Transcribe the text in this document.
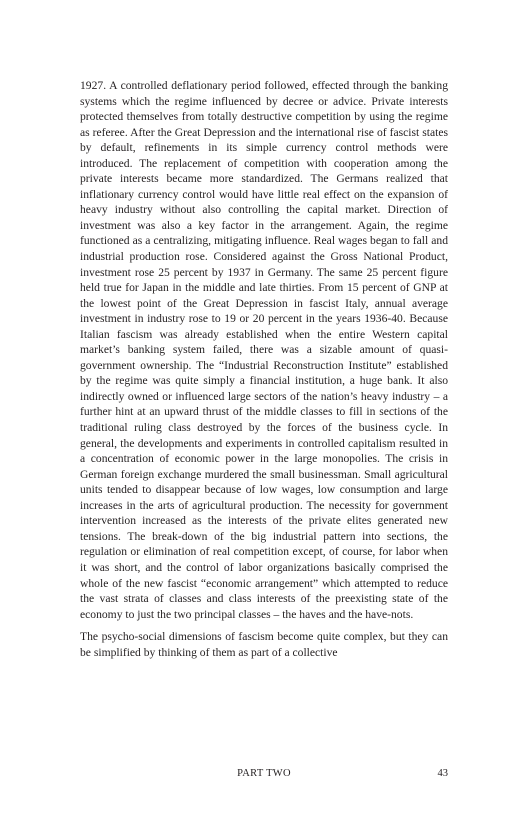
1927. A controlled deflationary period followed, effected through the banking systems which the regime influenced by decree or advice. Private interests protected themselves from totally destructive competition by using the regime as referee. After the Great Depression and the international rise of fascist states by default, refinements in its simple currency control methods were introduced. The replacement of competition with cooperation among the private interests became more standardized. The Germans realized that inflationary currency control would have little real effect on the expansion of heavy industry without also controlling the capital market. Direction of investment was also a key factor in the arrangement. Again, the regime functioned as a centralizing, mitigating influence. Real wages began to fall and industrial production rose. Considered against the Gross National Product, investment rose 25 percent by 1937 in Germany. The same 25 percent figure held true for Japan in the middle and late thirties. From 15 percent of GNP at the lowest point of the Great Depression in fascist Italy, annual average investment in industry rose to 19 or 20 percent in the years 1936-40. Because Italian fascism was already established when the entire Western capital market’s banking system failed, there was a sizable amount of quasi-government ownership. The “Industrial Reconstruction Institute” established by the regime was quite simply a financial institution, a huge bank. It also indirectly owned or influenced large sectors of the nation’s heavy industry – a further hint at an upward thrust of the middle classes to fill in sections of the traditional ruling class destroyed by the forces of the business cycle. In general, the developments and experiments in controlled capitalism resulted in a concentration of economic power in the large monopolies. The crisis in German foreign exchange murdered the small businessman. Small agricultural units tended to disappear because of low wages, low consumption and large increases in the arts of agricultural production. The necessity for government intervention increased as the interests of the private elites generated new tensions. The break-down of the big industrial pattern into sections, the regulation or elimination of real competition except, of course, for labor when it was short, and the control of labor organizations basically comprised the whole of the new fascist “economic arrangement” which attempted to reduce the vast strata of classes and class interests of the preexisting state of the economy to just the two principal classes – the haves and the have-nots.

The psycho-social dimensions of fascism become quite complex, but they can be simplified by thinking of them as part of a collective

PART TWO	43
